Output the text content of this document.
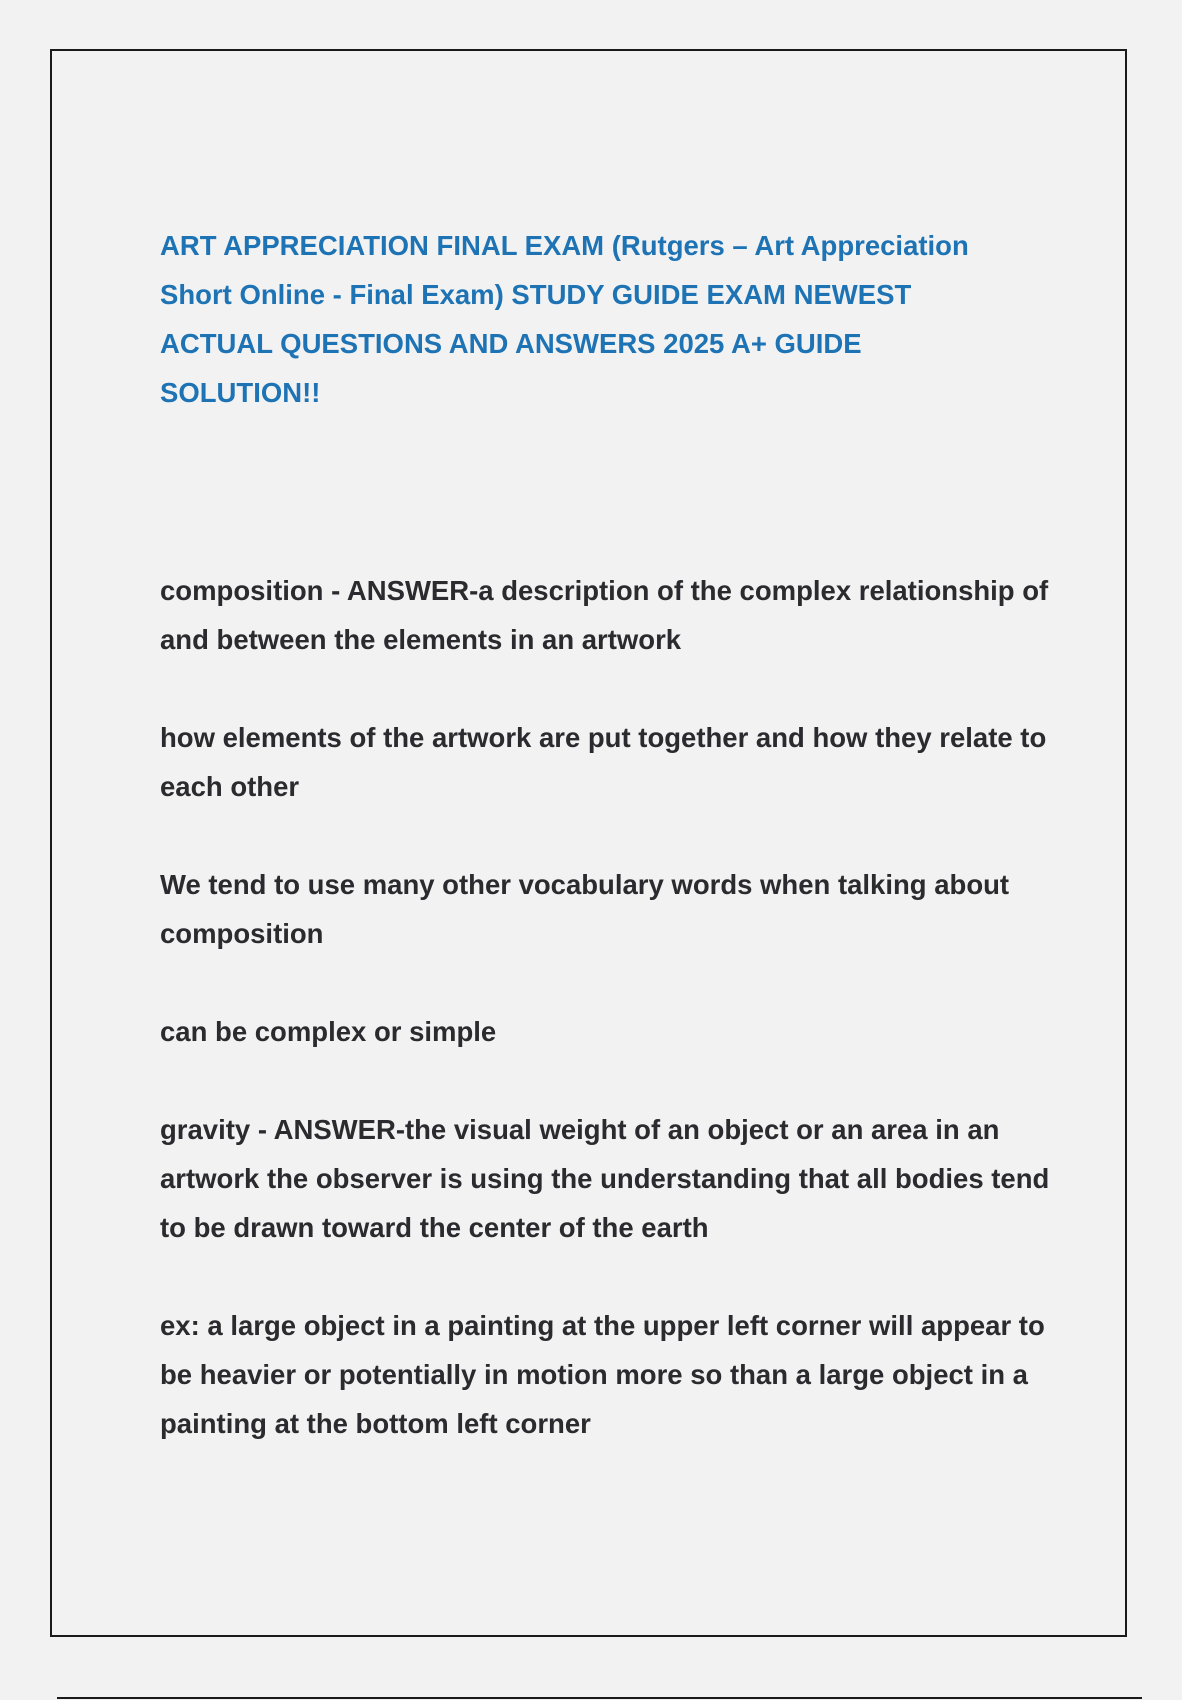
ART APPRECIATION FINAL EXAM (Rutgers – Art Appreciation Short Online - Final Exam) STUDY GUIDE EXAM NEWEST ACTUAL QUESTIONS AND ANSWERS 2025 A+ GUIDE SOLUTION!!

composition - ANSWER-a description of the complex relationship of and between the elements in an artwork

how elements of the artwork are put together and how they relate to each other

We tend to use many other vocabulary words when talking about composition

can be complex or simple

gravity - ANSWER-the visual weight of an object or an area in an artwork the observer is using the understanding that all bodies tend to be drawn toward the center of the earth

ex: a large object in a painting at the upper left corner will appear to be heavier or potentially in motion more so than a large object in a painting at the bottom left corner
